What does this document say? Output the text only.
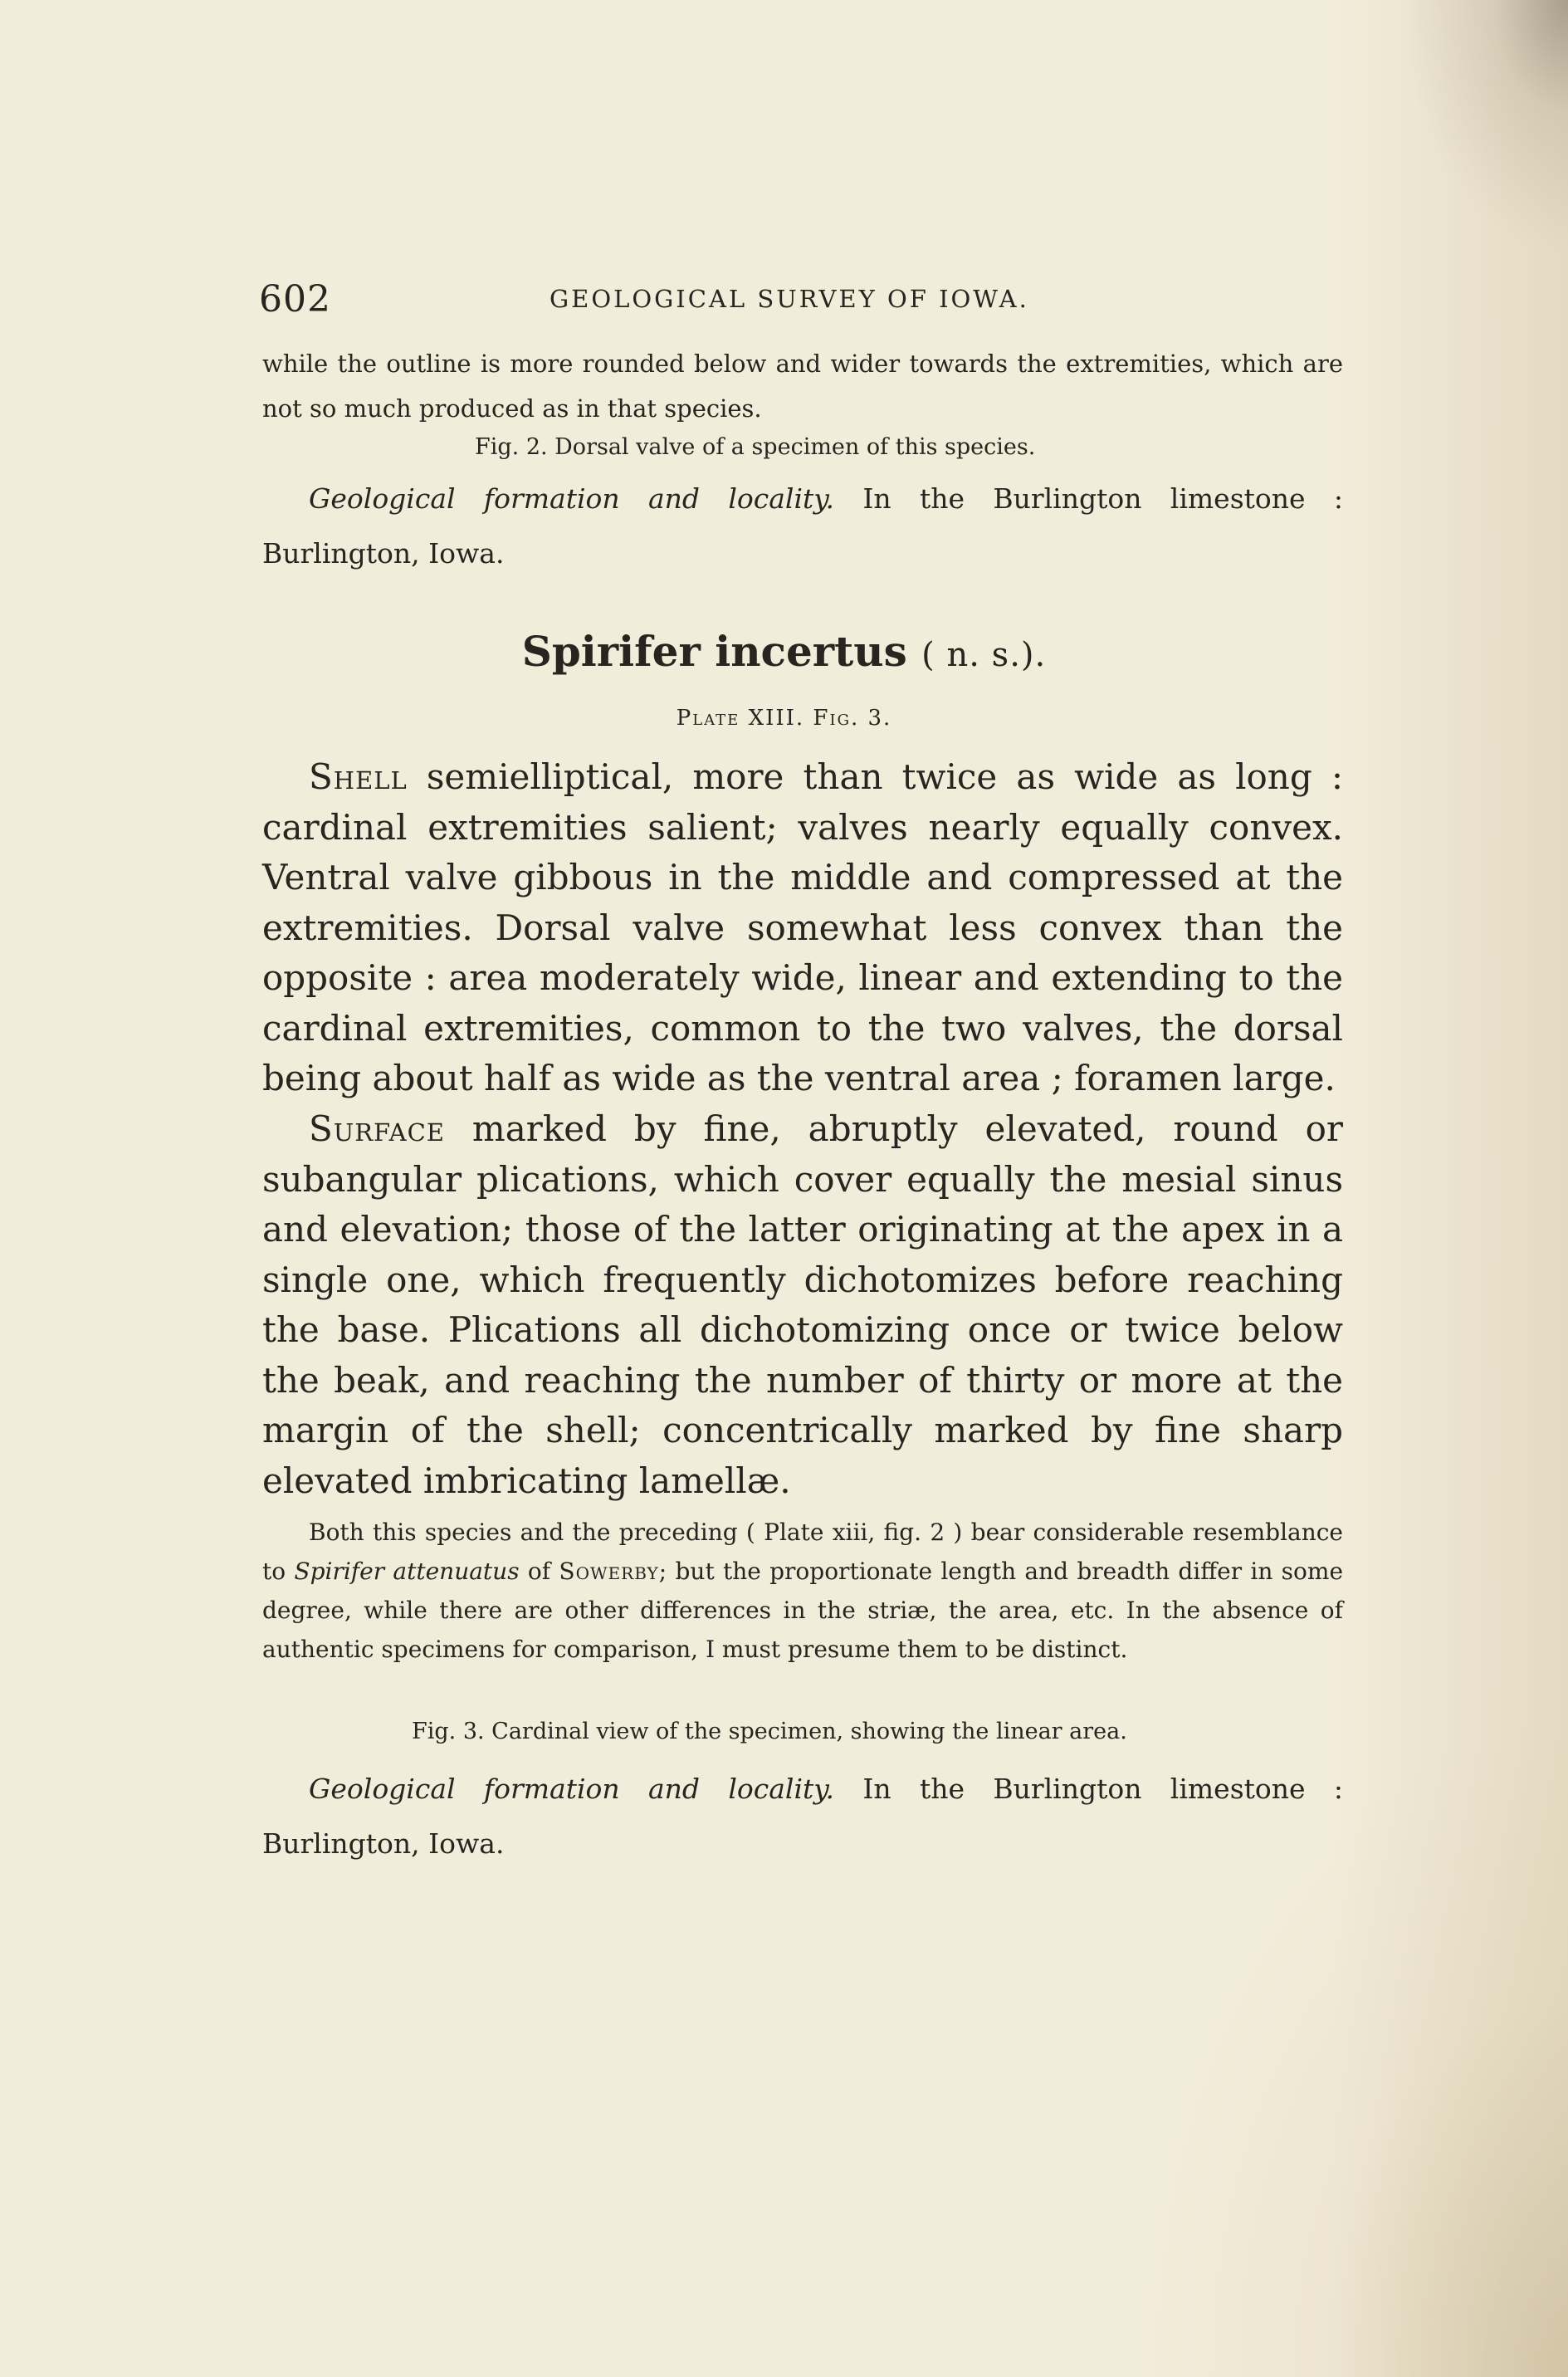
602	GEOLOGICAL SURVEY OF IOWA.

while the outline is more rounded below and wider towards the extremities, which are not so much produced as in that species.

Fig. 2. Dorsal valve of a specimen of this species.

Geological formation and locality. In the Burlington limestone : Burlington, Iowa.

Spirifer incertus ( n. s.).
Plate XIII. Fig. 3.

Shell semielliptical, more than twice as wide as long : cardinal extremities salient; valves nearly equally convex. Ventral valve gibbous in the middle and compressed at the extremities. Dorsal valve somewhat less convex than the opposite : area moderately wide, linear and extending to the cardinal extremities, common to the two valves, the dorsal being about half as wide as the ventral area ; foramen large.

Surface marked by fine, abruptly elevated, round or subangular plications, which cover equally the mesial sinus and elevation; those of the latter originating at the apex in a single one, which frequently dichotomizes before reaching the base. Plications all dichotomizing once or twice below the beak, and reaching the number of thirty or more at the margin of the shell; concentrically marked by fine sharp elevated imbricating lamellæ.

Both this species and the preceding ( Plate xiii, fig. 2 ) bear considerable resemblance to Spirifer attenuatus of Sowerby; but the proportionate length and breadth differ in some degree, while there are other differences in the striæ, the area, etc. In the absence of authentic specimens for comparison, I must presume them to be distinct.

Fig. 3. Cardinal view of the specimen, showing the linear area.

Geological formation and locality. In the Burlington limestone : Burlington, Iowa.
